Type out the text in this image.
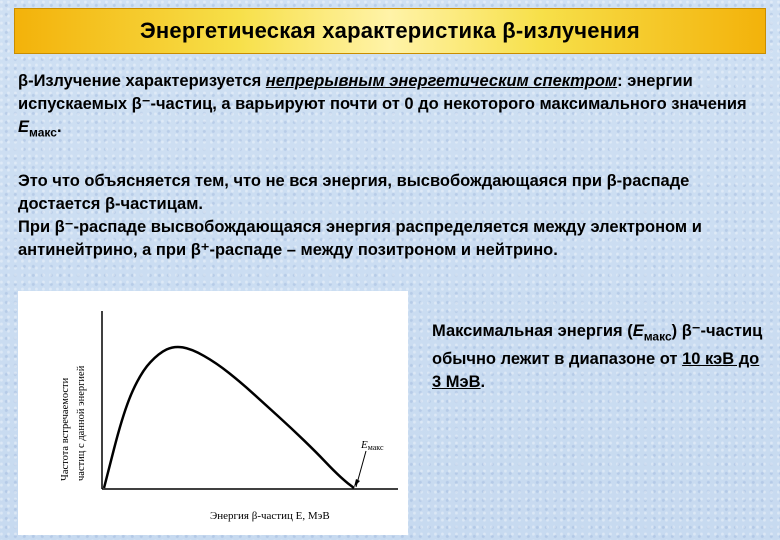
Энергетическая характеристика β-излучения
β-Излучение характеризуется непрерывным энергетическим спектром: энергии испускаемых β⁻-частиц, а варьируют почти от 0 до некоторого максимального значения $E_{макс}$.
Это что объясняется тем, что не вся энергия, высвобождающаяся при β-распаде достается β-частицам.
При β⁻-распаде высвобождающаяся энергия распределяется между электроном и антинейтрино, а при β⁺-распаде – между позитроном и нейтрино.
Частота встречаемости частиц с данной энергией
Энергия β-частиц E, МэВ
Eмакс
Максимальная энергия $(E_{макс})$ β⁻-частиц обычно лежит в диапазоне от 10 кэВ до 3 МэВ.
